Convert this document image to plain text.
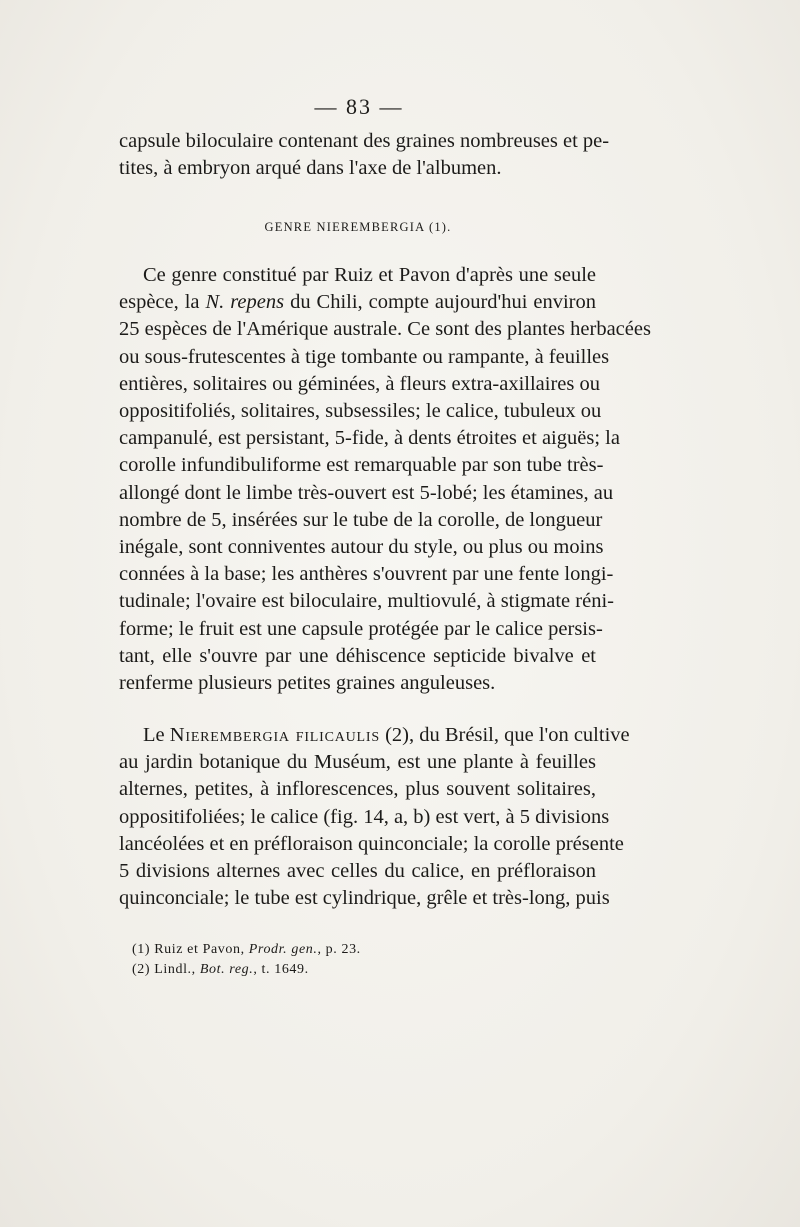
— 83 —
capsule biloculaire contenant des graines nombreuses et pe-
tites, à embryon arqué dans l'axe de l'albumen.
GENRE NIEREMBERGIA (1).
Ce genre constitué par Ruiz et Pavon d'après une seule
espèce, la N. repens du Chili, compte aujourd'hui environ
25 espèces de l'Amérique australe. Ce sont des plantes herbacées
ou sous-frutescentes à tige tombante ou rampante, à feuilles
entières, solitaires ou géminées, à fleurs extra-axillaires ou
oppositifoliés, solitaires, subsessiles; le calice, tubuleux ou
campanulé, est persistant, 5-fide, à dents étroites et aiguës; la
corolle infundibuliforme est remarquable par son tube très-
allongé dont le limbe très-ouvert est 5-lobé; les étamines, au
nombre de 5, insérées sur le tube de la corolle, de longueur
inégale, sont conniventes autour du style, ou plus ou moins
connées à la base; les anthères s'ouvrent par une fente longi-
tudinale; l'ovaire est biloculaire, multiovulé, à stigmate réni-
forme; le fruit est une capsule protégée par le calice persis-
tant, elle s'ouvre par une déhiscence septicide bivalve et
renferme plusieurs petites graines anguleuses.
Le Nierembergia filicaulis (2), du Brésil, que l'on cultive
au jardin botanique du Muséum, est une plante à feuilles
alternes, petites, à inflorescences, plus souvent solitaires,
oppositifoliées; le calice (fig. 14, a, b) est vert, à 5 divisions
lancéolées et en préfloraison quinconciale; la corolle présente
5 divisions alternes avec celles du calice, en préfloraison
quinconciale; le tube est cylindrique, grêle et très-long, puis
(1) Ruiz et Pavon, Prodr. gen., p. 23.
(2) Lindl., Bot. reg., t. 1649.
